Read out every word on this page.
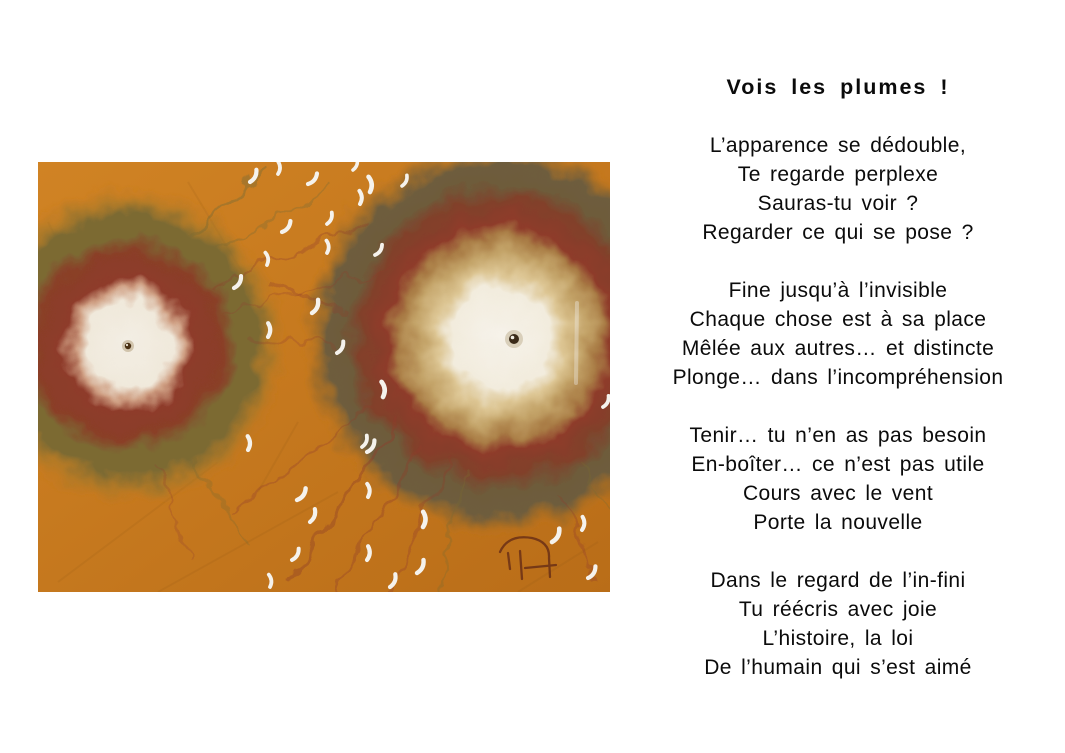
Vois les plumes !

L’apparence se dédouble,

Te regarde perplexe

Sauras-tu voir ?

Regarder ce qui se pose ?

Fine jusqu’à l’invisible

Chaque chose est à sa place

Mêlée aux autres… et distincte

Plonge… dans l’incompréhension

Tenir… tu n’en as pas besoin

En-boîter… ce n’est pas utile

Cours avec le vent

Porte la nouvelle

Dans le regard de l’in-fini

Tu réécris avec joie

L’histoire, la loi

De l’humain qui s’est aimé
